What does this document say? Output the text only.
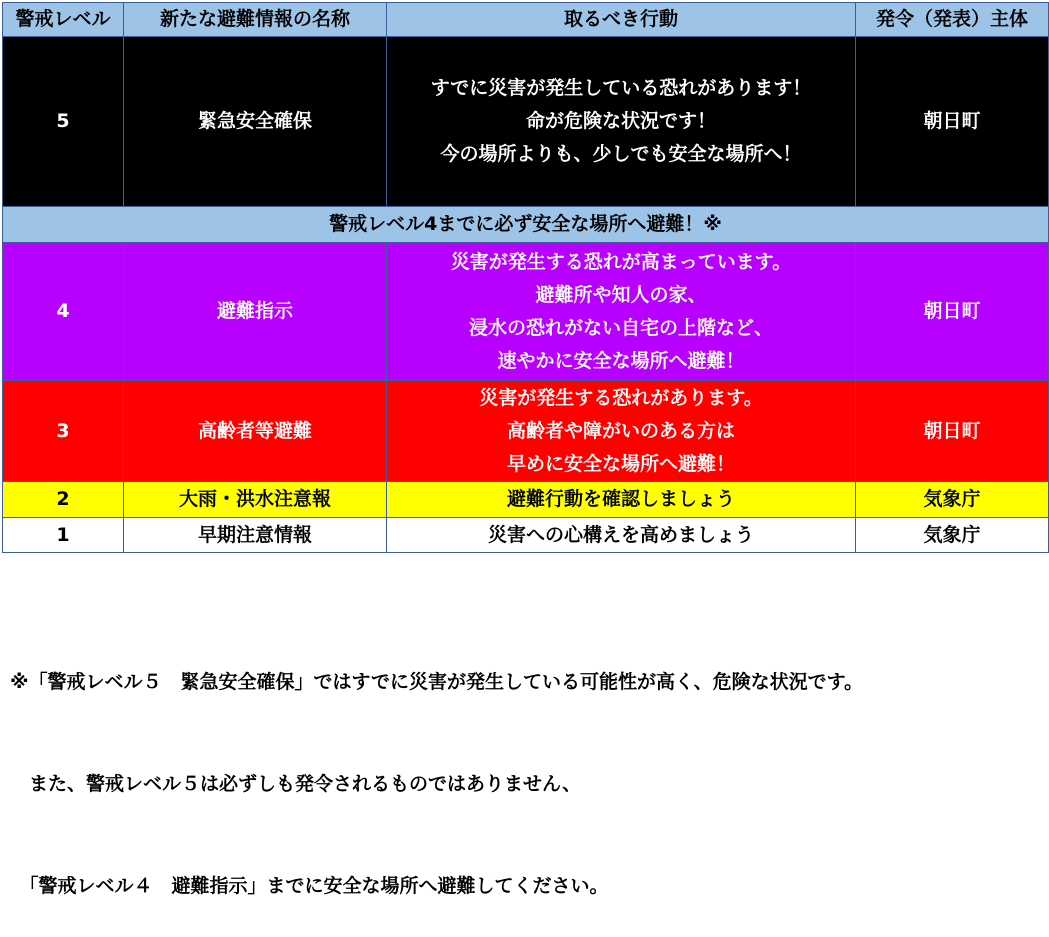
警戒レベル	新たな避難情報の名称	取るべき行動	発令（発表）主体
5	緊急安全確保	すでに災害が発生している恐れがあります！
命が危険な状況です！
今の場所よりも、少しでも安全な場所へ！	朝日町
警戒レベル4までに必ず安全な場所へ避難！※			
4	避難指示	災害が発生する恐れが高まっています。
避難所や知人の家、
浸水の恐れがない自宅の上階など、
速やかに安全な場所へ避難！	朝日町
3	高齢者等避難	災害が発生する恐れがあります。
高齢者や障がいのある方は
早めに安全な場所へ避難！	朝日町
2	大雨・洪水注意報	避難行動を確認しましょう	気象庁
1	早期注意情報	災害への心構えを高めましょう	気象庁

※「警戒レベル５　緊急安全確保」ではすでに災害が発生している可能性が高く、危険な状況です。

　また、警戒レベル５は必ずしも発令されるものではありません、

　「警戒レベル４　避難指示」までに安全な場所へ避難してください。
